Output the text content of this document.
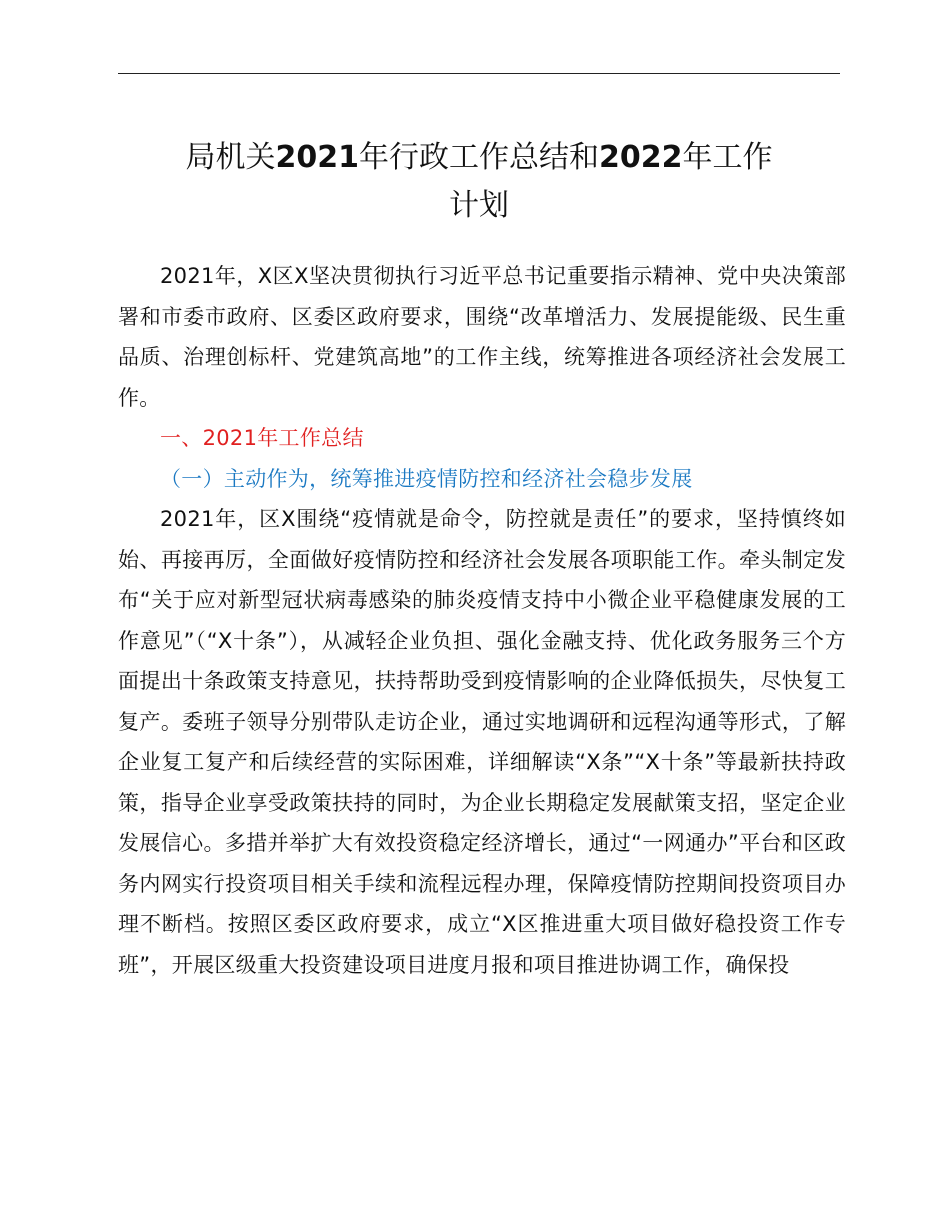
局机关2021年行政工作总结和2022年工作
计划

2021年，X区X坚决贯彻执行习近平总书记重要指示精神、党中央决策部署和市委市政府、区委区政府要求，围绕“改革增活力、发展提能级、民生重品质、治理创标杆、党建筑高地”的工作主线，统筹推进各项经济社会发展工作。

一、2021年工作总结

（一）主动作为，统筹推进疫情防控和经济社会稳步发展

2021年，区X围绕“疫情就是命令，防控就是责任”的要求，坚持慎终如始、再接再厉，全面做好疫情防控和经济社会发展各项职能工作。牵头制定发布“关于应对新型冠状病毒感染的肺炎疫情支持中小微企业平稳健康发展的工作意见”（“X十条”），从减轻企业负担、强化金融支持、优化政务服务三个方面提出十条政策支持意见，扶持帮助受到疫情影响的企业降低损失，尽快复工复产。委班子领导分别带队走访企业，通过实地调研和远程沟通等形式，了解企业复工复产和后续经营的实际困难，详细解读“X条”“X十条”等最新扶持政策，指导企业享受政策扶持的同时，为企业长期稳定发展献策支招，坚定企业发展信心。多措并举扩大有效投资稳定经济增长，通过“一网通办”平台和区政务内网实行投资项目相关手续和流程远程办理，保障疫情防控期间投资项目办理不断档。按照区委区政府要求，成立“X区推进重大项目做好稳投资工作专班”，开展区级重大投资建设项目进度月报和项目推进协调工作，确保投
